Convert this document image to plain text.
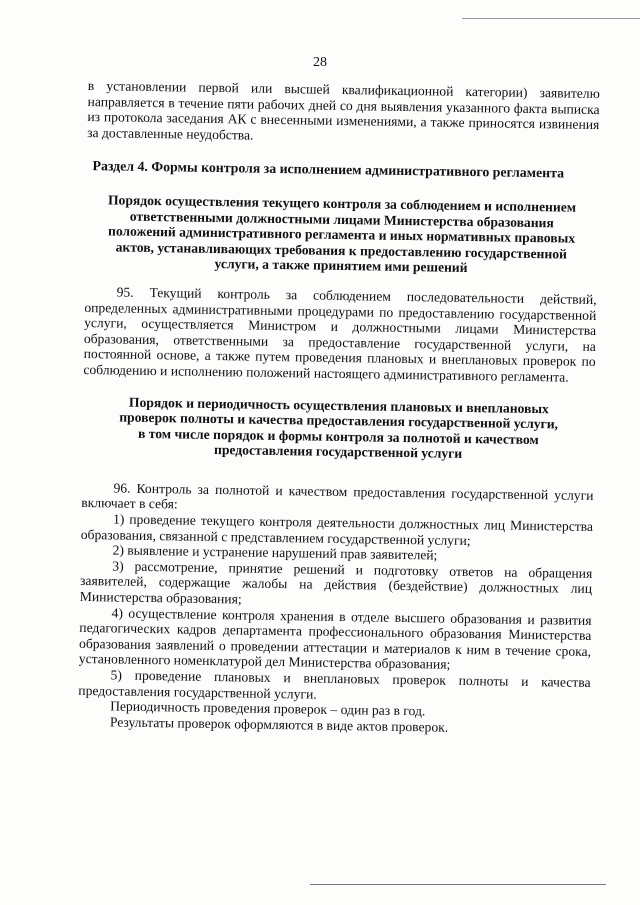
28

в установлении первой или высшей квалификационной категории) заявителю направляется в течение пяти рабочих дней со дня выявления указанного факта выписка из протокола заседания АК с внесенными изменениями, а также приносятся извинения за доставленные неудобства.

Раздел 4. Формы контроля за исполнением административного регламента

Порядок осуществления текущего контроля за соблюдением и исполнением
ответственными должностными лицами Министерства образования
положений административного регламента и иных нормативных правовых
актов, устанавливающих требования к предоставлению государственной
услуги, а также принятием ими решений

95. Текущий контроль за соблюдением последовательности действий, определенных административными процедурами по предоставлению государственной услуги, осуществляется Министром и должностными лицами Министерства образования, ответственными за предоставление государственной услуги, на постоянной основе, а также путем проведения плановых и внеплановых проверок по соблюдению и исполнению положений настоящего административного регламента.

Порядок и периодичность осуществления плановых и внеплановых
проверок полноты и качества предоставления государственной услуги,
в том числе порядок и формы контроля за полнотой и качеством
предоставления государственной услуги

96. Контроль за полнотой и качеством предоставления государственной услуги включает в себя:

1) проведение текущего контроля деятельности должностных лиц Министерства образования, связанной с представлением государственной услуги;

2) выявление и устранение нарушений прав заявителей;

3) рассмотрение, принятие решений и подготовку ответов на обращения заявителей, содержащие жалобы на действия (бездействие) должностных лиц Министерства образования;

4) осуществление контроля хранения в отделе высшего образования и развития педагогических кадров департамента профессионального образования Министерства образования заявлений о проведении аттестации и материалов к ним в течение срока, установленного номенклатурой дел Министерства образования;

5) проведение плановых и внеплановых проверок полноты и качества предоставления государственной услуги.

Периодичность проведения проверок – один раз в год.

Результаты проверок оформляются в виде актов проверок.
